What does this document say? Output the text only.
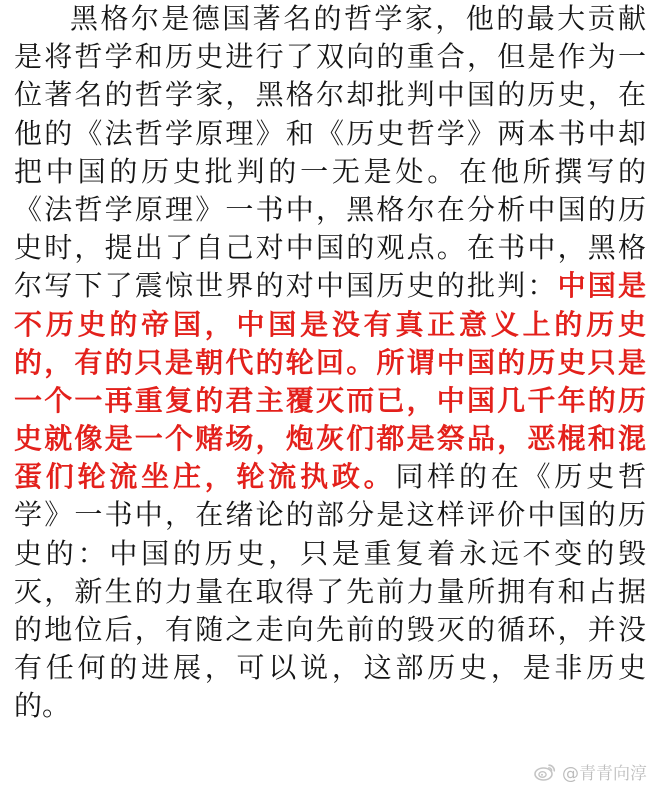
黑格尔是德国著名的哲学家，他的最大贡献
是将哲学和历史进行了双向的重合，但是作为一
位著名的哲学家，黑格尔却批判中国的历史，在
他的《法哲学原理》和《历史哲学》两本书中却
把中国的历史批判的一无是处。在他所撰写的
《法哲学原理》一书中，黑格尔在分析中国的历
史时，提出了自己对中国的观点。在书中，黑格
尔写下了震惊世界的对中国历史的批判：中国是
不历史的帝国，中国是没有真正意义上的历史
的，有的只是朝代的轮回。所谓中国的历史只是
一个一再重复的君主覆灭而已，中国几千年的历
史就像是一个赌场，炮灰们都是祭品，恶棍和混
蛋们轮流坐庄，轮流执政。同样的在《历史哲
学》一书中，在绪论的部分是这样评价中国的历
史的：中国的历史，只是重复着永远不变的毁
灭，新生的力量在取得了先前力量所拥有和占据
的地位后，有随之走向先前的毁灭的循环，并没
有任何的进展，可以说，这部历史，是非历史
的。
@青青向淳
